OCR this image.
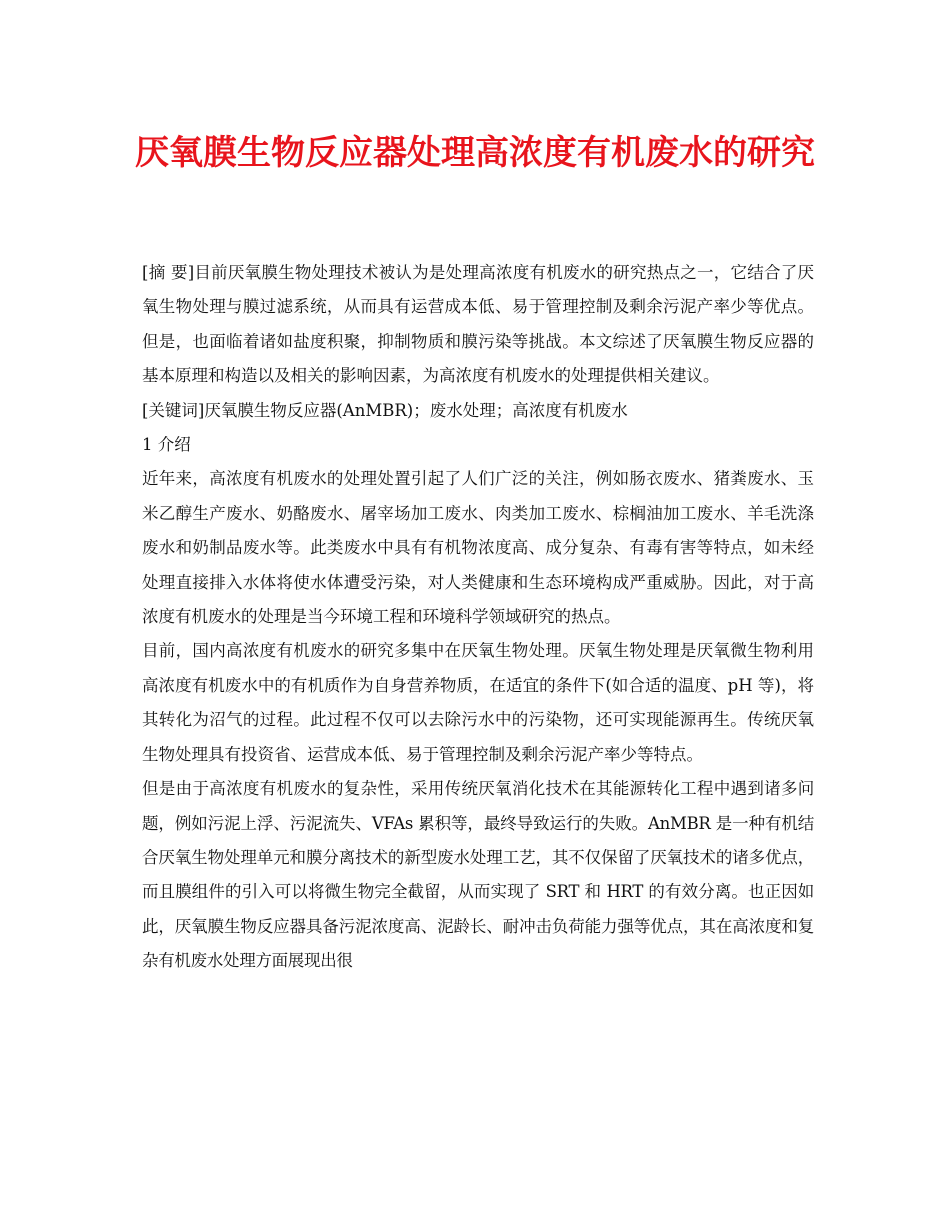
厌氧膜生物反应器处理高浓度有机废水的研究

[摘 要]目前厌氧膜生物处理技术被认为是处理高浓度有机废水的研究热点之一，它结合了厌氧生物处理与膜过滤系统，从而具有运营成本低、易于管理控制及剩余污泥产率少等优点。但是，也面临着诸如盐度积聚，抑制物质和膜污染等挑战。本文综述了厌氧膜生物反应器的基本原理和构造以及相关的影响因素，为高浓度有机废水的处理提供相关建议。

[关键词]厌氧膜生物反应器(AnMBR)；废水处理；高浓度有机废水

1 介绍

近年来，高浓度有机废水的处理处置引起了人们广泛的关注，例如肠衣废水、猪粪废水、玉米乙醇生产废水、奶酪废水、屠宰场加工废水、肉类加工废水、棕榈油加工废水、羊毛洗涤废水和奶制品废水等。此类废水中具有有机物浓度高、成分复杂、有毒有害等特点，如未经处理直接排入水体将使水体遭受污染，对人类健康和生态环境构成严重威胁。因此，对于高浓度有机废水的处理是当今环境工程和环境科学领域研究的热点。

目前，国内高浓度有机废水的研究多集中在厌氧生物处理。厌氧生物处理是厌氧微生物利用高浓度有机废水中的有机质作为自身营养物质，在适宜的条件下(如合适的温度、pH 等)，将其转化为沼气的过程。此过程不仅可以去除污水中的污染物，还可实现能源再生。传统厌氧生物处理具有投资省、运营成本低、易于管理控制及剩余污泥产率少等特点。

但是由于高浓度有机废水的复杂性，采用传统厌氧消化技术在其能源转化工程中遇到诸多问题，例如污泥上浮、污泥流失、VFAs 累积等，最终导致运行的失败。AnMBR 是一种有机结合厌氧生物处理单元和膜分离技术的新型废水处理工艺，其不仅保留了厌氧技术的诸多优点，而且膜组件的引入可以将微生物完全截留，从而实现了 SRT 和 HRT 的有效分离。也正因如此，厌氧膜生物反应器具备污泥浓度高、泥龄长、耐冲击负荷能力强等优点，其在高浓度和复杂有机废水处理方面展现出很
